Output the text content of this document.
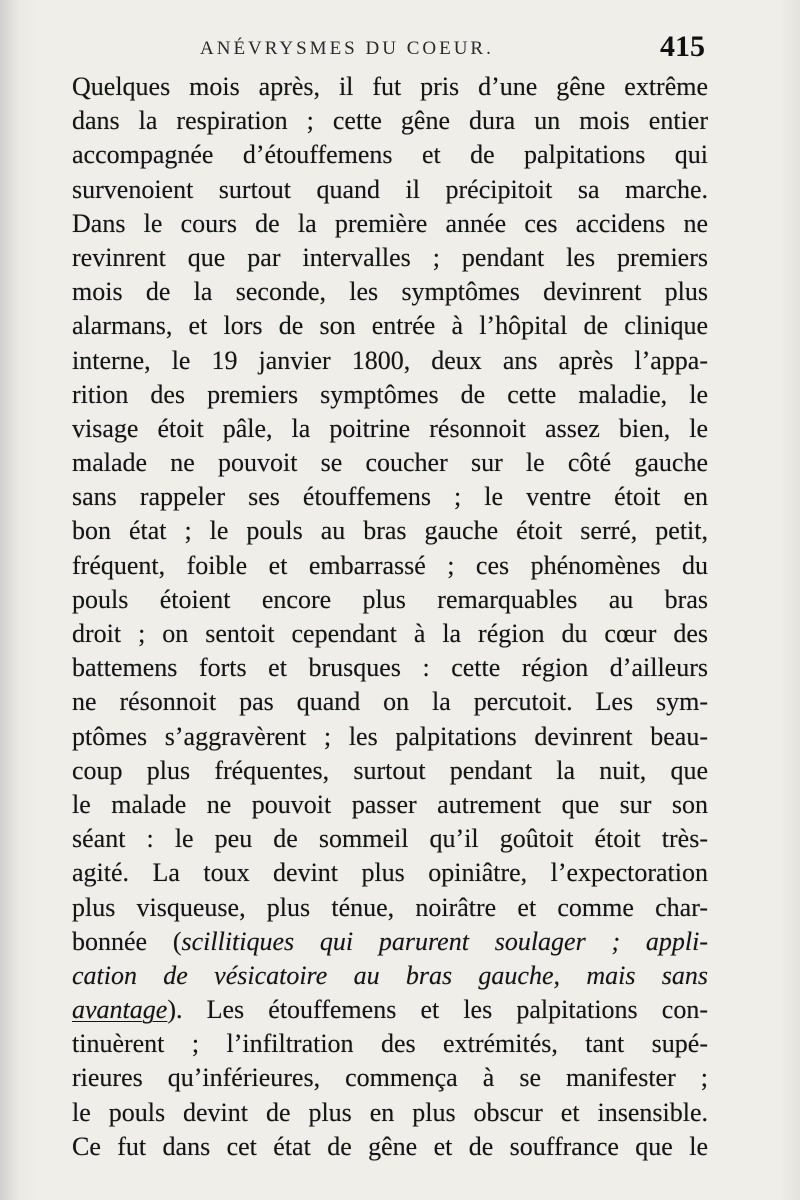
ANÉVRYSMES DU COEUR.	415
Quelques mois après, il fut pris d’une gêne extrême
dans la respiration ; cette gêne dura un mois entier
accompagnée d’étouffemens et de palpitations qui
survenoient surtout quand il précipitoit sa marche.
Dans le cours de la première année ces accidens ne
revinrent que par intervalles ; pendant les premiers
mois de la seconde, les symptômes devinrent plus
alarmans, et lors de son entrée à l’hôpital de clinique
interne, le 19 janvier 1800, deux ans après l’appa-
rition des premiers symptômes de cette maladie, le
visage étoit pâle, la poitrine résonnoit assez bien, le
malade ne pouvoit se coucher sur le côté gauche
sans rappeler ses étouffemens ; le ventre étoit en
bon état ; le pouls au bras gauche étoit serré, petit,
fréquent, foible et embarrassé ; ces phénomènes du
pouls étoient encore plus remarquables au bras
droit ; on sentoit cependant à la région du cœur des
battemens forts et brusques : cette région d’ailleurs
ne résonnoit pas quand on la percutoit. Les sym-
ptômes s’aggravèrent ; les palpitations devinrent beau-
coup plus fréquentes, surtout pendant la nuit, que
le malade ne pouvoit passer autrement que sur son
séant : le peu de sommeil qu’il goûtoit étoit très-
agité. La toux devint plus opiniâtre, l’expectoration
plus visqueuse, plus ténue, noirâtre et comme char-
bonnée (scillitiques qui parurent soulager ; appli-
cation de vésicatoire au bras gauche, mais sans
avantage). Les étouffemens et les palpitations con-
tinuèrent ; l’infiltration des extrémités, tant supé-
rieures qu’inférieures, commença à se manifester ;
le pouls devint de plus en plus obscur et insensible.
Ce fut dans cet état de gêne et de souffrance que le
